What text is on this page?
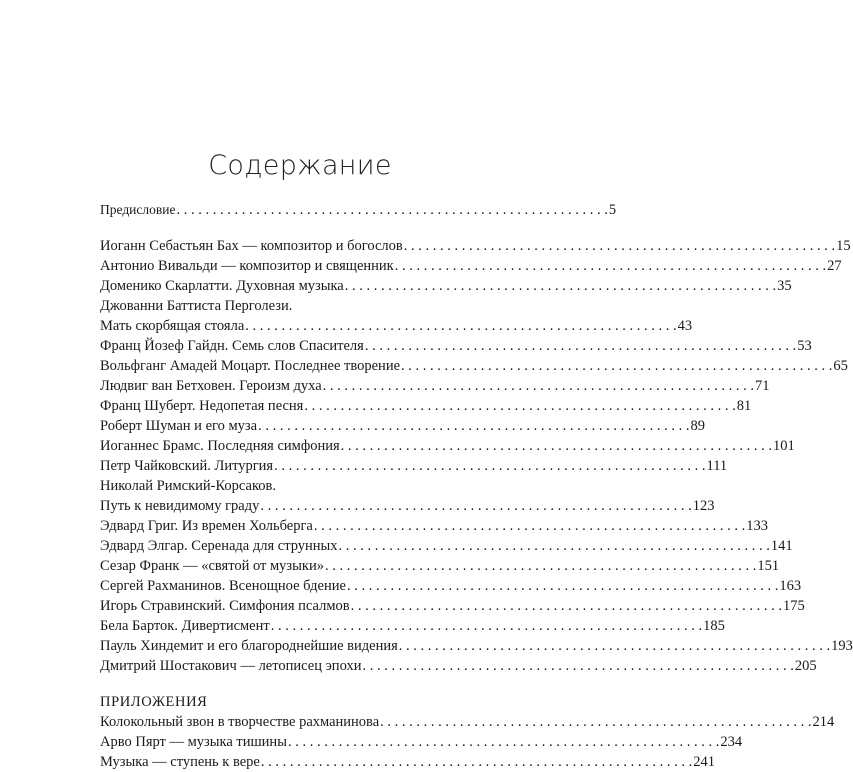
Содержание
Предисловие . . .	5
Иоганн Себастьян Бах — композитор и богослов . . .	15
Антонио Вивальди — композитор и священник . . .	27
Доменико Скарлатти. Духовная музыка . . .	35
Джованни Баттиста Перголези.
Мать скорбящая стояла . . .	43
Франц Йозеф Гайдн. Семь слов Спасителя . . .	53
Вольфганг Амадей Моцарт. Последнее творение . . .	65
Людвиг ван Бетховен. Героизм духа . . .	71
Франц Шуберт. Недопетая песня . . .	81
Роберт Шуман и его муза . . .	89
Иоганнес Брамс. Последняя симфония . . .	101
Петр Чайковский. Литургия . . .	111
Николай Римский-Корсаков.
Путь к невидимому граду . . .	123
Эдвард Григ. Из времен Хольберга . . .	133
Эдвард Элгар. Серенада для струнных . . .	141
Сезар Франк — «святой от музыки» . . .	151
Сергей Рахманинов. Всенощное бдение . . .	163
Игорь Стравинский. Симфония псалмов . . .	175
Бела Барток. Дивертисмент . . .	185
Пауль Хиндемит и его благороднейшие видения . . .	193
Дмитрий Шостакович — летописец эпохи . . .	205
ПРИЛОЖЕНИЯ
Колокольный звон в творчестве рахманинова . . .	214
Арво Пярт — музыка тишины . . .	234
Музыка — ступень к вере . . .	241
